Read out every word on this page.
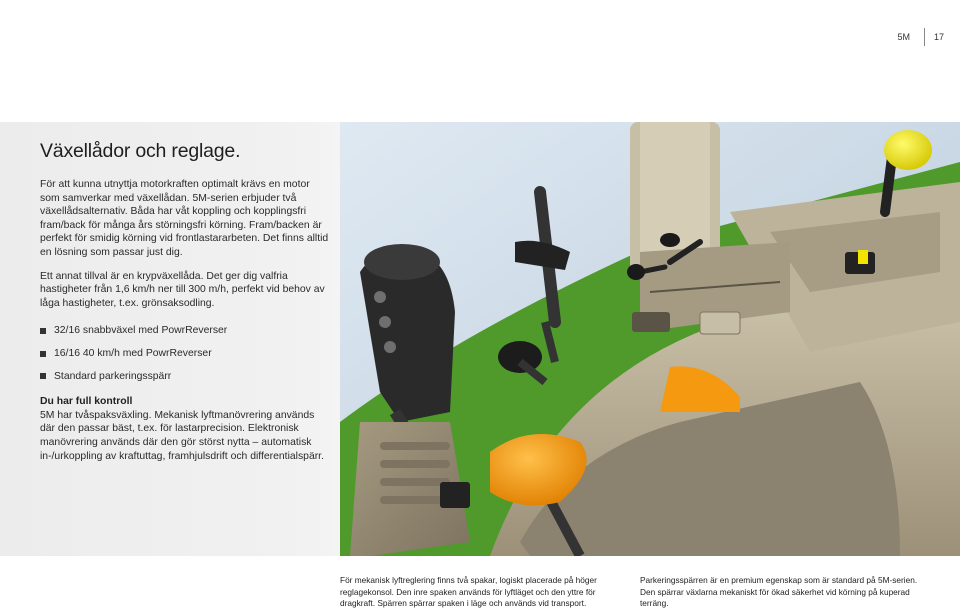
5M	17
Växellådor och reglage.

För att kunna utnyttja motorkraften optimalt krävs en motor som samverkar med växellådan. 5M-serien erbjuder två växellådsalternativ. Båda har våt koppling och kopplingsfri fram/back för många års störningsfri körning. Fram/backen är perfekt för smidig körning vid frontlastararbeten. Det finns alltid en lösning som passar just dig.

Ett annat tillval är en krypväxellåda. Det ger dig valfria hastigheter från 1,6 km/h ner till 300 m/h, perfekt vid behov av låga hastigheter, t.ex. grönsaksodling.

32/16 snabbväxel med PowrReverser
16/16 40 km/h med PowrReverser
Standard parkeringsspärr
Du har full kontroll

5M har tvåspaksväxling. Mekanisk lyftmanövrering används där den passar bäst, t.ex. för lastarprecision. Elektronisk manövrering används där den gör störst nytta – automatisk in-/urkoppling av kraftuttag, framhjulsdrift och differentialspärr.

För mekanisk lyftreglering finns två spakar, logiskt placerade på höger reglagekonsol. Den inre spaken används för lyftläget och den yttre för dragkraft. Spärren spärrar spaken i läge och används vid transport.
Parkeringsspärren är en premium egenskap som är standard på 5M-serien. Den spärrar växlarna mekaniskt för ökad säkerhet vid körning på kuperad terräng.
